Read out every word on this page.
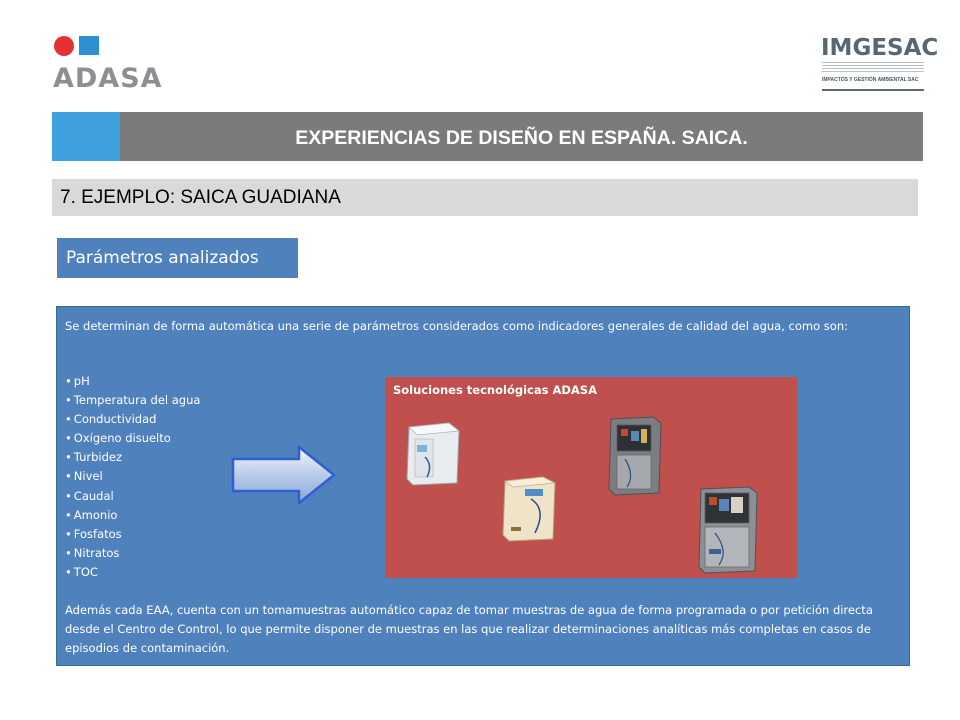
ADASA
IMGESAC
IMPACTOS Y GESTIÓN AMBIENTAL SAC
EXPERIENCIAS DE DISEÑO EN ESPAÑA. SAICA.
7. EJEMPLO: SAICA GUADIANA
Parámetros analizados

Se determinan de forma automática una serie de parámetros considerados como indicadores generales de calidad del agua, como son:

• pH
• Temperatura del agua
• Conductividad
• Oxígeno disuelto
• Turbidez
• Nivel
• Caudal
• Amonio
• Fosfatos
• Nitratos
• TOC
Soluciones tecnológicas ADASA

Además cada EAA, cuenta con un tomamuestras automático capaz de tomar muestras de agua de forma programada o por petición directa desde el Centro de Control, lo que permite disponer de muestras en las que realizar determinaciones analíticas más completas en casos de episodios de contaminación.
